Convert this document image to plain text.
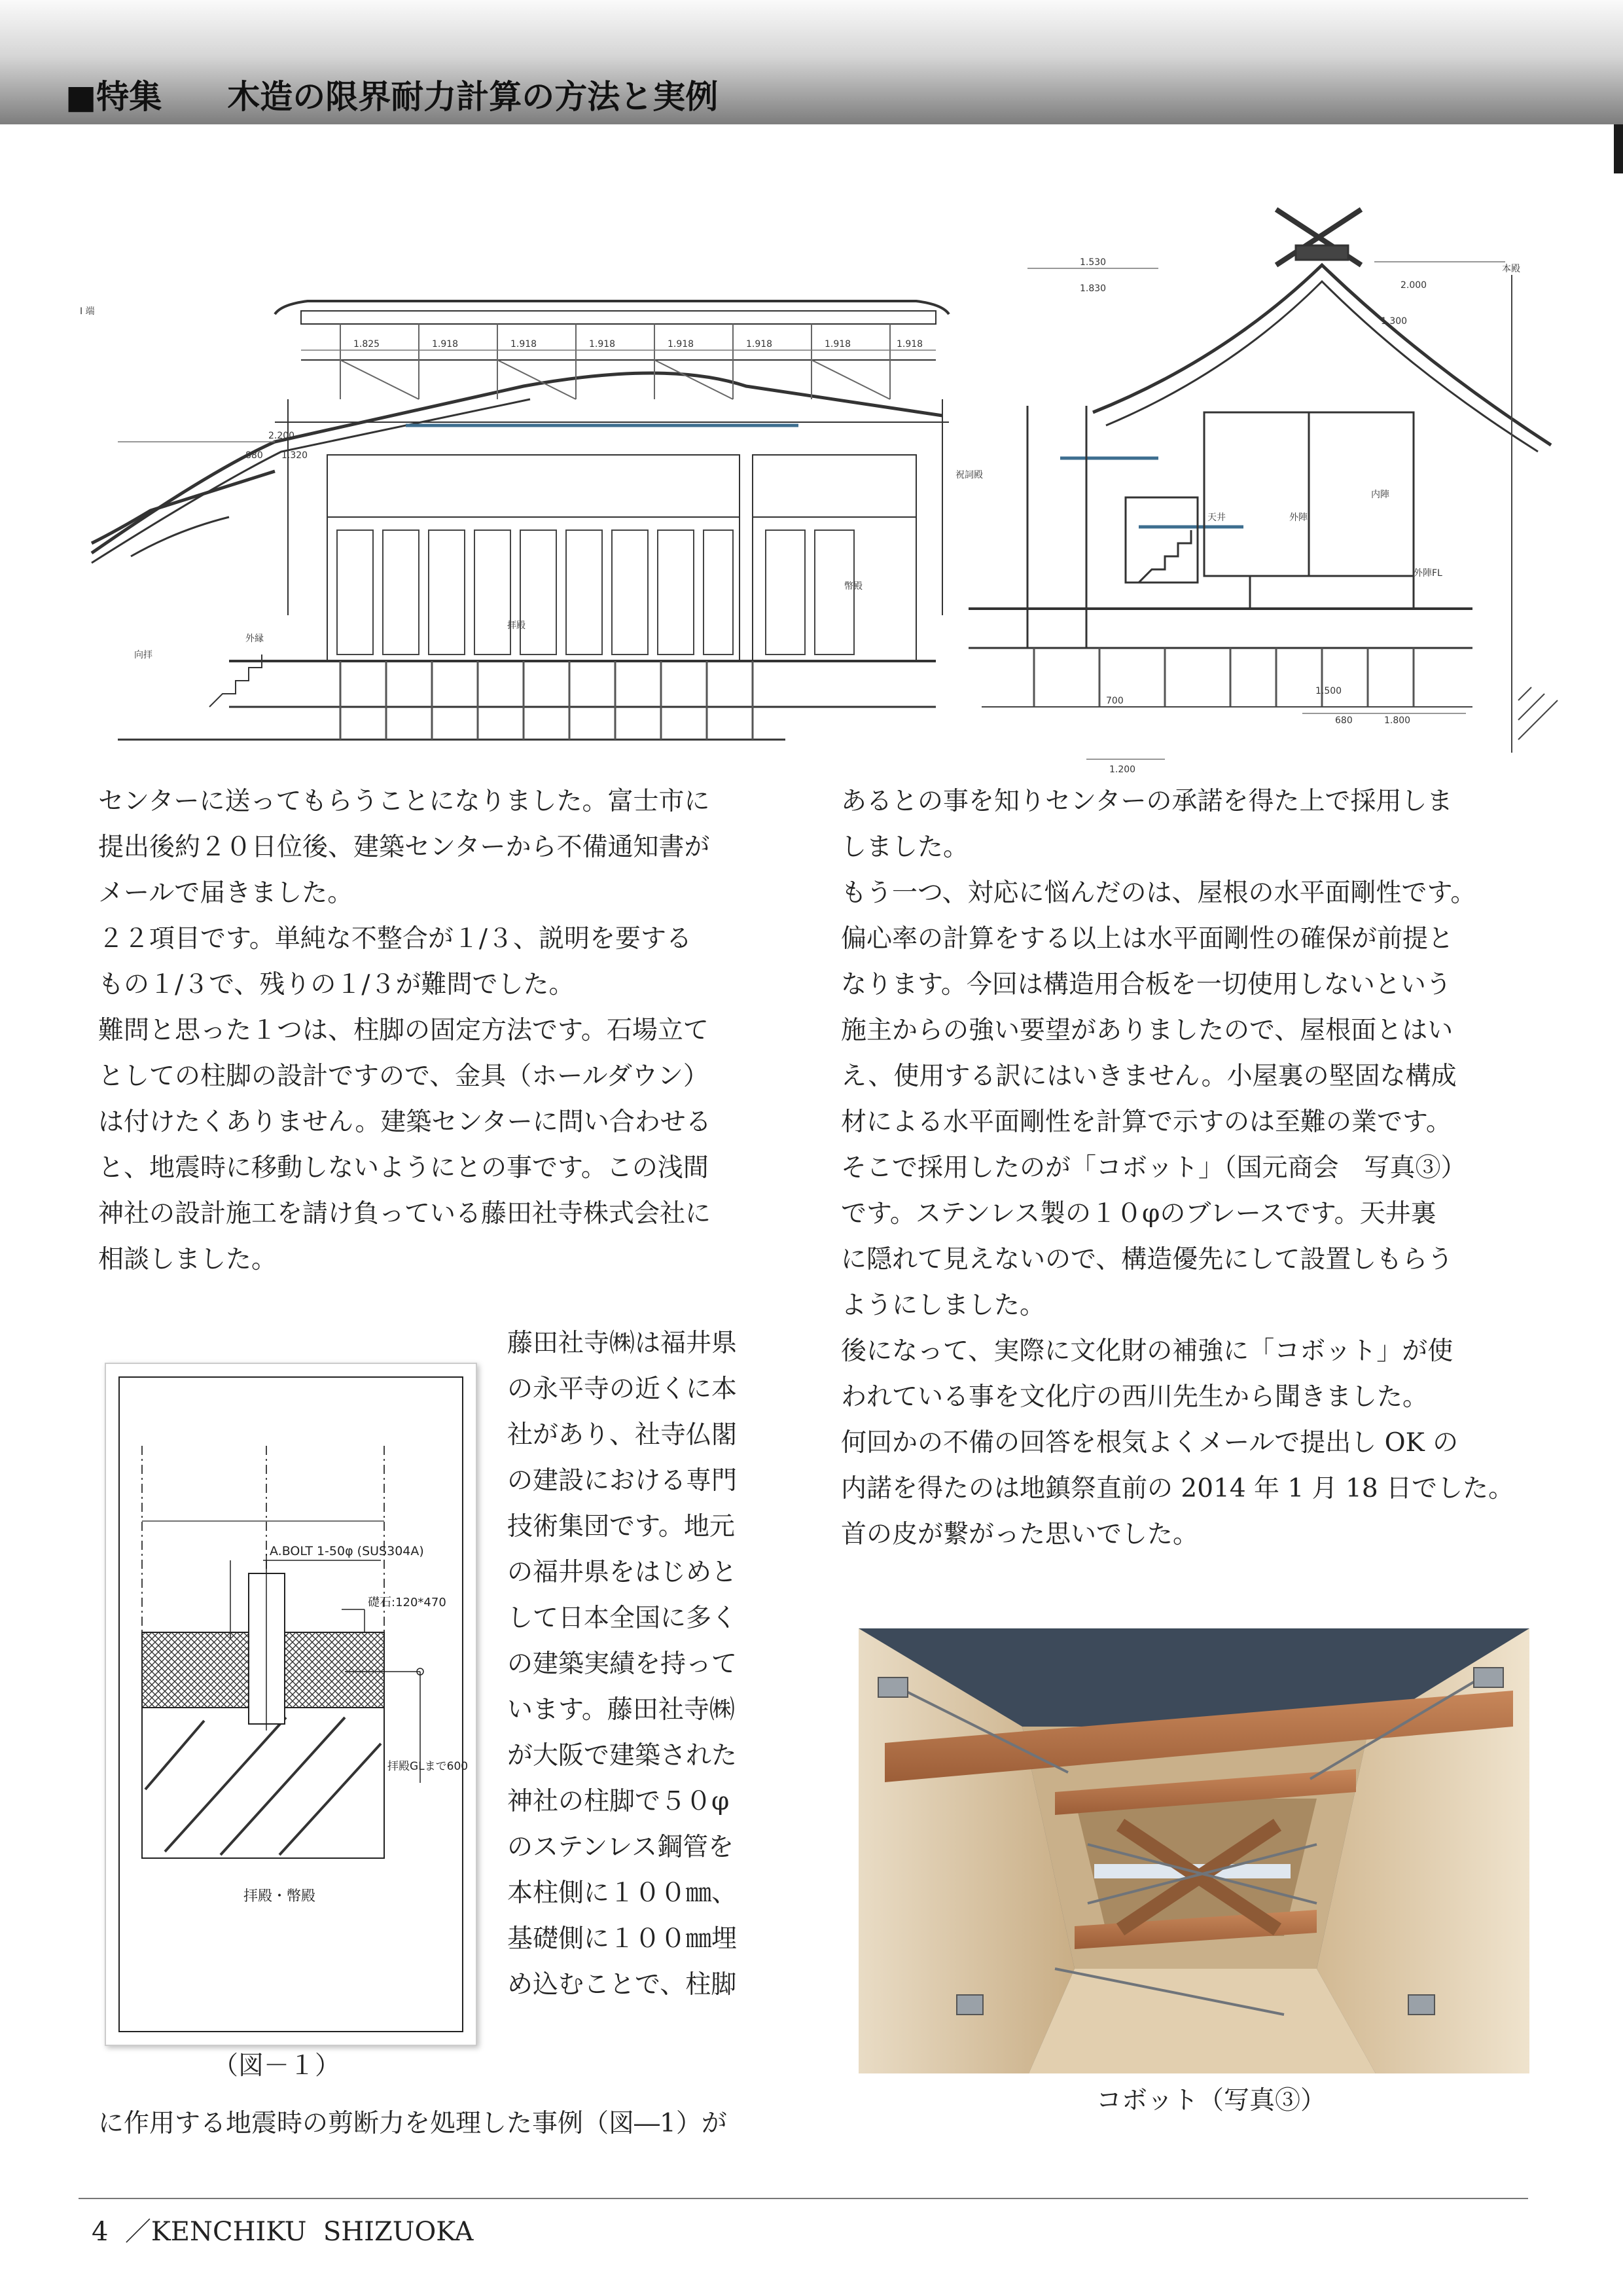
■特集　　木造の限界耐力計算の方法と実例
I 端
本殿
拝殿
幣殿
祝詞殿
外陣
内陣
外陣FL
向拝
外縁
天井
1.825	1.918	1.918	1.918	1.918	1.918	1.918	1.918
2.200
880 1.320
1.530
1.830	2.000
1.300
700
1.200
1.800
680
1.500

センターに送ってもらうことになりました。富士市に

提出後約２０日位後、建築センターから不備通知書が

メールで届きました。

２２項目です。単純な不整合が１/３、説明を要する

もの１/３で、残りの１/３が難問でした。

難問と思った１つは、柱脚の固定方法です。石場立て

としての柱脚の設計ですので、金具（ホールダウン）

は付けたくありません。建築センターに問い合わせる

と、地震時に移動しないようにとの事です。この浅間

神社の設計施工を請け負っている藤田社寺株式会社に

相談しました。

藤田社寺㈱は福井県

の永平寺の近くに本

社があり、社寺仏閣

の建設における専門

技術集団です。地元

の福井県をはじめと

して日本全国に多く

の建築実績を持って

います。藤田社寺㈱

が大阪で建築された

神社の柱脚で５０φ

のステンレス鋼管を

本柱側に１００㎜、

基礎側に１００㎜埋

め込むことで、柱脚

A.BOLT 1-50φ (SUS304A)
礎石:120*470
拝殿GLまで600
拝殿・幣殿
（図－１）

に作用する地震時の剪断力を処理した事例（図―1）が

あるとの事を知りセンターの承諾を得た上で採用しま

しました。

もう一つ、対応に悩んだのは、屋根の水平面剛性です。

偏心率の計算をする以上は水平面剛性の確保が前提と

なります。今回は構造用合板を一切使用しないという

施主からの強い要望がありましたので、屋根面とはい

え、使用する訳にはいきません。小屋裏の堅固な構成

材による水平面剛性を計算で示すのは至難の業です。

そこで採用したのが「コボット」（国元商会　写真③）

です。ステンレス製の１０φのブレースです。天井裏

に隠れて見えないので、構造優先にして設置しもらう

ようにしました。

後になって、実際に文化財の補強に「コボット」が使

われている事を文化庁の西川先生から聞きました。

何回かの不備の回答を根気よくメールで提出し OK の

内諾を得たのは地鎮祭直前の 2014 年 1 月 18 日でした。

首の皮が繋がった思いでした。

コボット（写真③）
4 ／KENCHIKU  SHIZUOKA
